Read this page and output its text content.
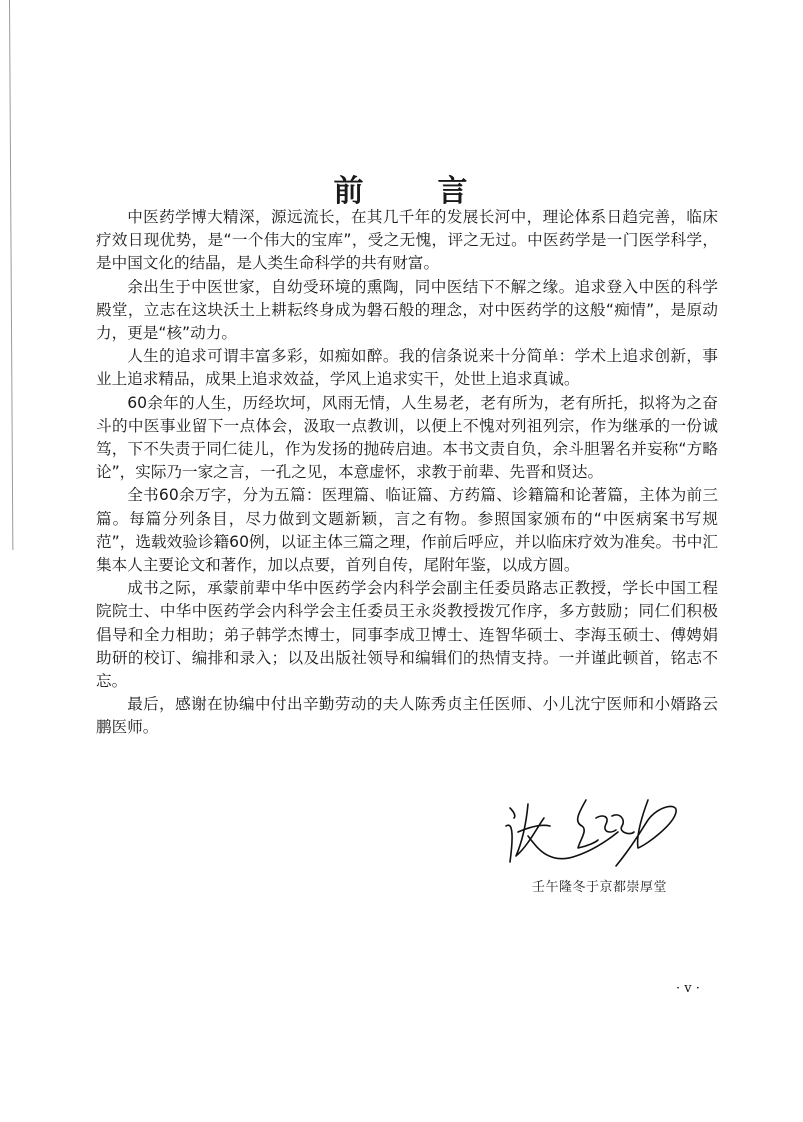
前 言

中医药学博大精深，源远流长，在其几千年的发展长河中，理论体系日趋完善，临床疗效日现优势，是“一个伟大的宝库”，受之无愧，评之无过。中医药学是一门医学科学，是中国文化的结晶，是人类生命科学的共有财富。

余出生于中医世家，自幼受环境的熏陶，同中医结下不解之缘。追求登入中医的科学殿堂，立志在这块沃土上耕耘终身成为磐石般的理念，对中医药学的这般“痴情”，是原动力，更是“核”动力。

人生的追求可谓丰富多彩，如痴如醉。我的信条说来十分简单：学术上追求创新，事业上追求精品，成果上追求效益，学风上追求实干，处世上追求真诚。

60余年的人生，历经坎坷，风雨无情，人生易老，老有所为，老有所托，拟将为之奋斗的中医事业留下一点体会，汲取一点教训，以便上不愧对列祖列宗，作为继承的一份诚笃，下不失责于同仁徒儿，作为发扬的抛砖启迪。本书文责自负，余斗胆署名并妄称“方略论”，实际乃一家之言，一孔之见，本意虚怀，求教于前辈、先晋和贤达。

全书60余万字，分为五篇：医理篇、临证篇、方药篇、诊籍篇和论著篇，主体为前三篇。每篇分列条目，尽力做到文题新颖，言之有物。参照国家颁布的“中医病案书写规范”，选载效验诊籍60例，以证主体三篇之理，作前后呼应，并以临床疗效为准矣。书中汇集本人主要论文和著作，加以点要，首列自传，尾附年鉴，以成方圆。

成书之际，承蒙前辈中华中医药学会内科学会副主任委员路志正教授，学长中国工程院院士、中华中医药学会内科学会主任委员王永炎教授拨冗作序，多方鼓励；同仁们积极倡导和全力相助；弟子韩学杰博士，同事李成卫博士、连智华硕士、李海玉硕士、傅娉娟助研的校订、编排和录入；以及出版社领导和编辑们的热情支持。一并谨此顿首，铭志不忘。

最后，感谢在协编中付出辛勤劳动的夫人陈秀贞主任医师、小儿沈宁医师和小婿路云鹏医师。

壬午隆冬于京都崇厚堂
· v ·
